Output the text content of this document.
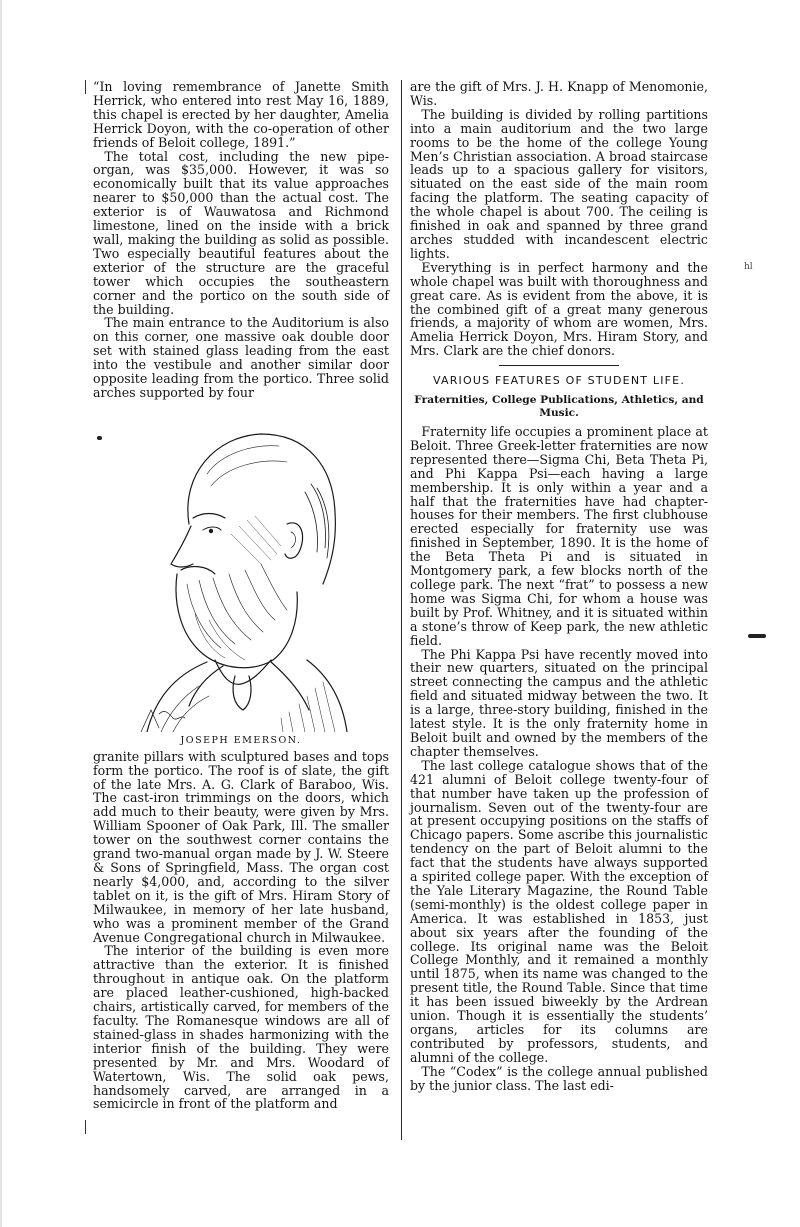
“In loving remembrance of Janette Smith Herrick, who entered into rest May 16, 1889, this chapel is erected by her daughter, Amelia Herrick Doyon, with the co-operation of other friends of Beloit college, 1891.”

The total cost, including the new pipe-organ, was $35,000. However, it was so economically built that its value approaches nearer to $50,000 than the actual cost. The exterior is of Wauwatosa and Richmond limestone, lined on the inside with a brick wall, making the building as solid as possible. Two especially beautiful features about the exterior of the structure are the graceful tower which occupies the southeastern corner and the portico on the south side of the building.

The main entrance to the Auditorium is also on this corner, one massive oak double door set with stained glass leading from the east into the vestibule and another similar door opposite leading from the portico. Three solid arches supported by four

JOSEPH EMERSON.

granite pillars with sculptured bases and tops form the portico. The roof is of slate, the gift of the late Mrs. A. G. Clark of Baraboo, Wis. The cast-iron trimmings on the doors, which add much to their beauty, were given by Mrs. William Spooner of Oak Park, Ill. The smaller tower on the southwest corner contains the grand two-manual organ made by J. W. Steere & Sons of Springfield, Mass. The organ cost nearly $4,000, and, according to the silver tablet on it, is the gift of Mrs. Hiram Story of Milwaukee, in memory of her late husband, who was a prominent member of the Grand Avenue Congregational church in Milwaukee.

The interior of the building is even more attractive than the exterior. It is finished throughout in antique oak. On the platform are placed leather-cushioned, high-backed chairs, artistically carved, for members of the faculty. The Romanesque windows are all of stained-glass in shades harmonizing with the interior finish of the building. They were presented by Mr. and Mrs. Woodard of Watertown, Wis. The solid oak pews, handsomely carved, are arranged in a semicircle in front of the platform and

are the gift of Mrs. J. H. Knapp of Menomonie, Wis.

The building is divided by rolling partitions into a main auditorium and the two large rooms to be the home of the college Young Men’s Christian association. A broad staircase leads up to a spacious gallery for visitors, situated on the east side of the main room facing the platform. The seating capacity of the whole chapel is about 700. The ceiling is finished in oak and spanned by three grand arches studded with incandescent electric lights.

Everything is in perfect harmony and the whole chapel was built with thoroughness and great care. As is evident from the above, it is the combined gift of a great many generous friends, a majority of whom are women, Mrs. Amelia Herrick Doyon, Mrs. Hiram Story, and Mrs. Clark are the chief donors.

VARIOUS FEATURES OF STUDENT LIFE.
Fraternities, College Publications, Athletics, and Music.

Fraternity life occupies a prominent place at Beloit. Three Greek-letter fraternities are now represented there—Sigma Chi, Beta Theta Pi, and Phi Kappa Psi—each having a large membership. It is only within a year and a half that the fraternities have had chapter-houses for their members. The first clubhouse erected especially for fraternity use was finished in September, 1890. It is the home of the Beta Theta Pi and is situated in Montgomery park, a few blocks north of the college park. The next “frat” to possess a new home was Sigma Chi, for whom a house was built by Prof. Whitney, and it is situated within a stone’s throw of Keep park, the new athletic field.

The Phi Kappa Psi have recently moved into their new quarters, situated on the principal street connecting the campus and the athletic field and situated midway between the two. It is a large, three-story building, finished in the latest style. It is the only fraternity home in Beloit built and owned by the members of the chapter themselves.

The last college catalogue shows that of the 421 alumni of Beloit college twenty-four of that number have taken up the profession of journalism. Seven out of the twenty-four are at present occupying positions on the staffs of Chicago papers. Some ascribe this journalistic tendency on the part of Beloit alumni to the fact that the students have always supported a spirited college paper. With the exception of the Yale Literary Magazine, the Round Table (semi-monthly) is the oldest college paper in America. It was established in 1853, just about six years after the founding of the college. Its original name was the Beloit College Monthly, and it remained a monthly until 1875, when its name was changed to the present title, the Round Table. Since that time it has been issued biweekly by the Ardrean union. Though it is essentially the students’ organs, articles for its columns are contributed by professors, students, and alumni of the college.

The “Codex” is the college annual published by the junior class. The last edi-

hl
